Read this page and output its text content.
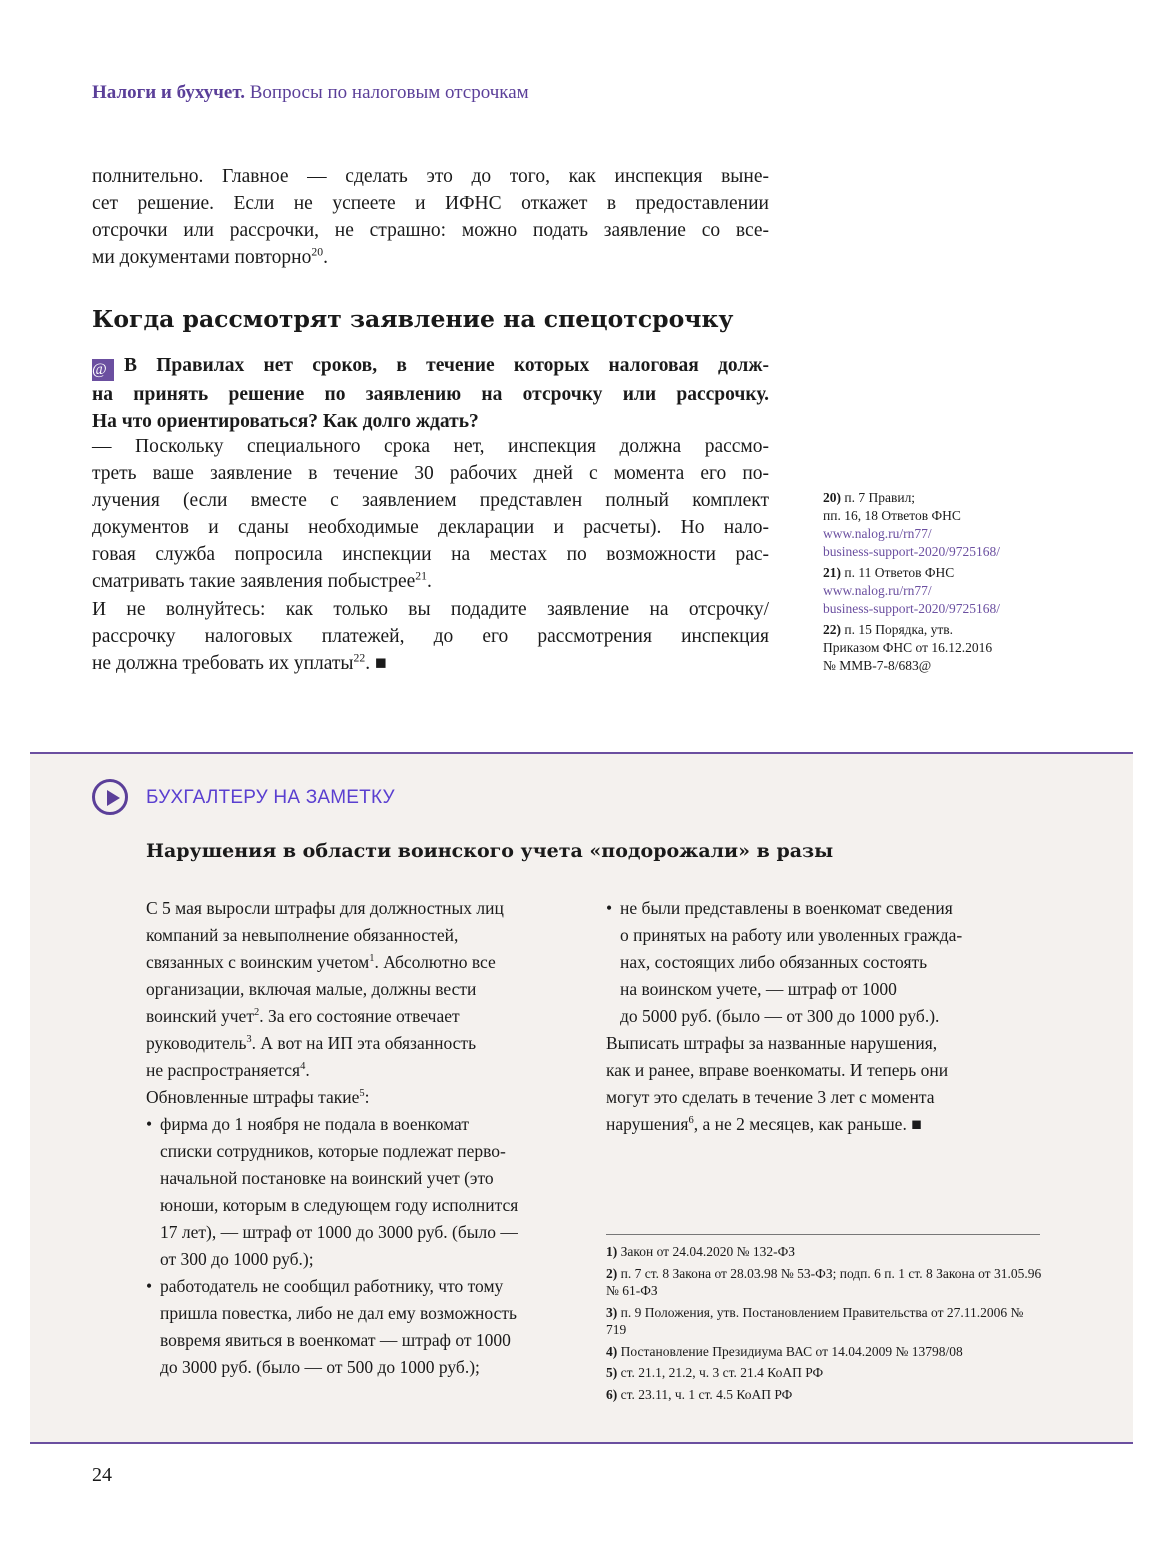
Налоги и бухучет. Вопросы по налоговым отсрочкам
полнительно. Главное — сделать это до того, как инспекция выне-
сет решение. Если не успеете и ИФНС откажет в предоставлении
отсрочки или рассрочки, не страшно: можно подать заявление со все-
ми документами повторно$^{20}$.
Когда рассмотрят заявление на спецотсрочку
@ В Правилах нет сроков, в течение которых налоговая долж-
на принять решение по заявлению на отсрочку или рассрочку.
На что ориентироваться? Как долго ждать?
— Поскольку специального срока нет, инспекция должна рассмо-
треть ваше заявление в течение 30 рабочих дней с момента его по-
лучения (если вместе с заявлением представлен полный комплект
документов и сданы необходимые декларации и расчеты). Но нало-
говая служба попросила инспекции на местах по возможности рас-
сматривать такие заявления побыстрее$^{21}$.
И не волнуйтесь: как только вы подадите заявление на отсрочку/
рассрочку налоговых платежей, до его рассмотрения инспекция
не должна требовать их уплаты$^{22}$. ■
20) п. 7 Правил;
пп. 16, 18 Ответов ФНС
www.nalog.ru/rn77/
business-support-2020/9725168/

21) п. 11 Ответов ФНС
www.nalog.ru/rn77/
business-support-2020/9725168/

22) п. 15 Порядка, утв.
Приказом ФНС от 16.12.2016
№ ММВ-7-8/683@

БУХГАЛТЕРУ НА ЗАМЕТКУ
Нарушения в области воинского учета «подорожали» в разы
С 5 мая выросли штрафы для должностных лиц
компаний за невыполнение обязанностей,
связанных с воинским учетом$^1$. Абсолютно все
организации, включая малые, должны вести
воинский учет$^2$. За его состояние отвечает
руководитель$^3$. А вот на ИП эта обязанность
не распространяется$^4$.
Обновленные штрафы такие$^5$:
• фирма до 1 ноября не подала в военкомат
списки сотрудников, которые подлежат перво-
начальной постановке на воинский учет (это
юноши, которым в следующем году исполнится
17 лет), — штраф от 1000 до 3000 руб. (было —
от 300 до 1000 руб.);
• работодатель не сообщил работнику, что тому
пришла повестка, либо не дал ему возможность
вовремя явиться в военкомат — штраф от 1000
до 3000 руб. (было — от 500 до 1000 руб.);
• не были представлены в военкомат сведения
о принятых на работу или уволенных гражда-
нах, состоящих либо обязанных состоять
на воинском учете, — штраф от 1000
до 5000 руб. (было — от 300 до 1000 руб.).
Выписать штрафы за названные нарушения,
как и ранее, вправе военкоматы. И теперь они
могут это сделать в течение 3 лет с момента
нарушения$^6$, а не 2 месяцев, как раньше. ■
1) Закон от 24.04.2020 № 132-ФЗ
2) п. 7 ст. 8 Закона от 28.03.98 № 53-ФЗ; подп. 6 п. 1 ст. 8 Закона от 31.05.96 № 61-ФЗ
3) п. 9 Положения, утв. Постановлением Правительства от 27.11.2006 № 719
4) Постановление Президиума ВАС от 14.04.2009 № 13798/08
5) ст. 21.1, 21.2, ч. 3 ст. 21.4 КоАП РФ
6) ст. 23.11, ч. 1 ст. 4.5 КоАП РФ
24
